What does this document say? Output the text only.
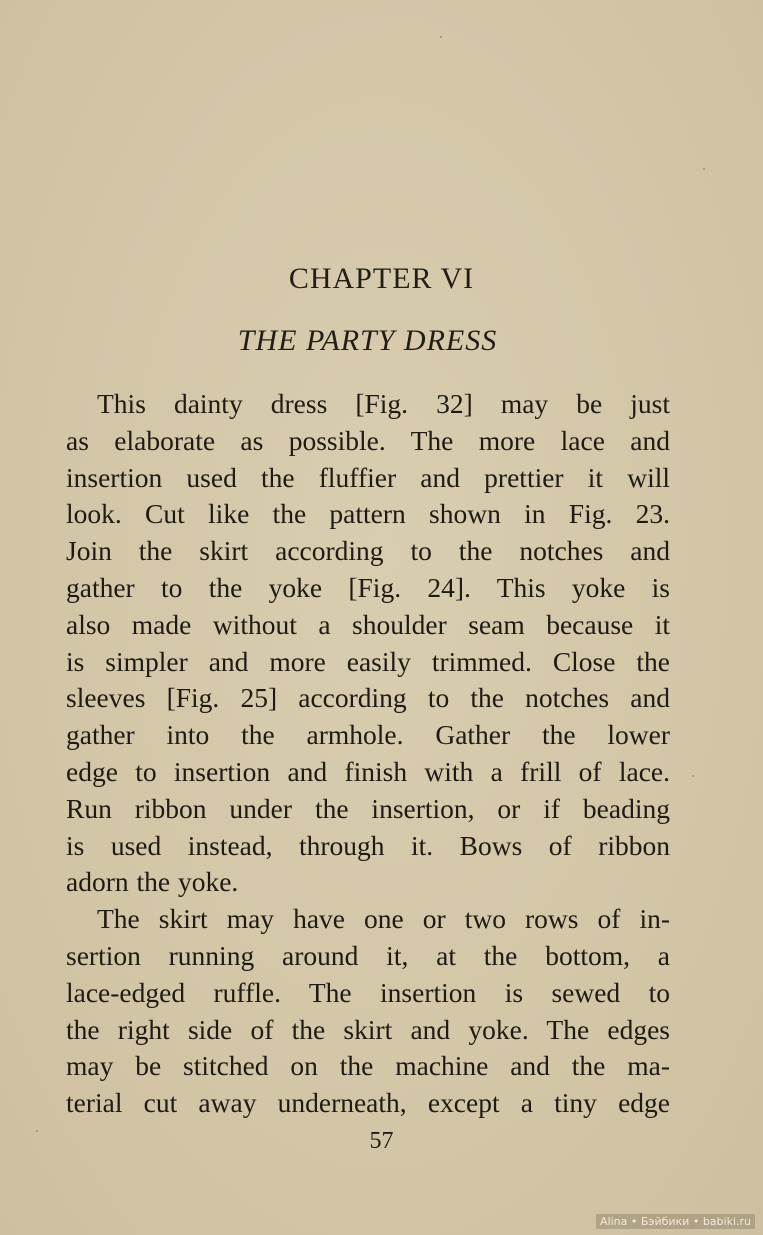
CHAPTER VI
THE PARTY DRESS
This dainty dress [Fig. 32] may be just
as elaborate as possible. The more lace and
insertion used the fluffier and prettier it will
look. Cut like the pattern shown in Fig. 23.
Join the skirt according to the notches and
gather to the yoke [Fig. 24]. This yoke is
also made without a shoulder seam because it
is simpler and more easily trimmed. Close the
sleeves [Fig. 25] according to the notches and
gather into the armhole. Gather the lower
edge to insertion and finish with a frill of lace.
Run ribbon under the insertion, or if beading
is used instead, through it. Bows of ribbon
adorn the yoke.
The skirt may have one or two rows of in-
sertion running around it, at the bottom, a
lace-edged ruffle. The insertion is sewed to
the right side of the skirt and yoke. The edges
may be stitched on the machine and the ma-
terial cut away underneath, except a tiny edge
57
Alina • Бэйбики • babiki.ru
